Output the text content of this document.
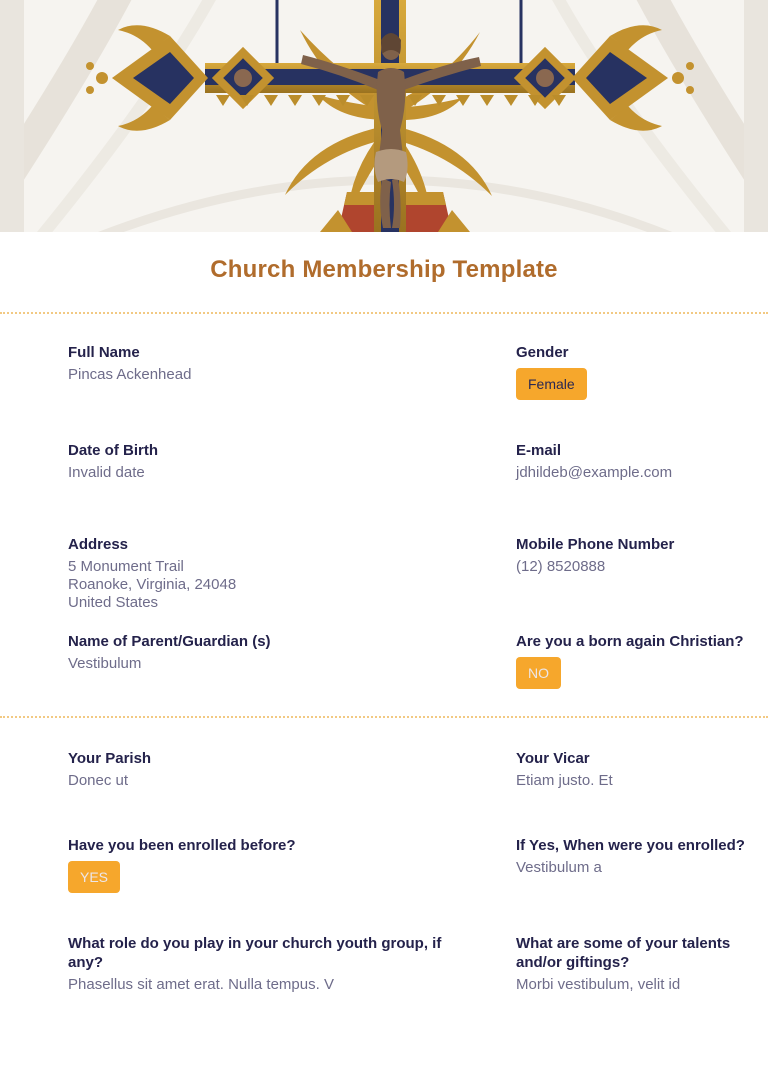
Church Membership Template
Full Name
Pincas Ackenhead
Gender
Female
Date of Birth
Invalid date
E-mail
jdhildeb@example.com
Address
5 Monument Trail
Roanoke, Virginia, 24048
United States
Mobile Phone Number
(12) 8520888
Name of Parent/Guardian (s)
Vestibulum
Are you a born again Christian?
NO
Your Parish
Donec ut
Your Vicar
Etiam justo. Et
Have you been enrolled before?
YES
If Yes, When were you enrolled?
Vestibulum a
What role do you play in your church youth group, if any?
Phasellus sit amet erat. Nulla tempus. V
What are some of your talents and/or giftings?
Morbi vestibulum, velit id
